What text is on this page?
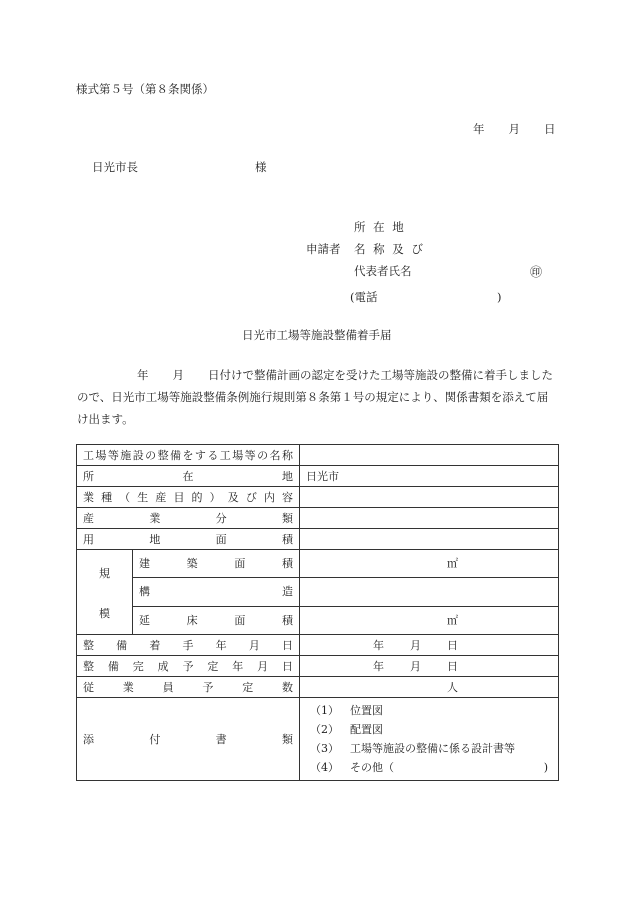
様式第５号（第８条関係）
年 月 日
日光市長	様
所 在 地
申請者 名 称 及 び
代表者氏名	㊞
(電話	)
日光市工場等施設整備着手届
年 月 日付けで整備計画の認定を受けた工場等施設の整備に着手しましたので、日光市工場等施設整備条例施行規則第８条第１号の規定により、関係書類を添えて届け出ます。
工場等施設の整備をする工場等の名称		
所在地		日光市
業種（生産目的）及び内容		
産業分類		
用地面積		
規
模	建築面積	㎡
	構造	
	延床面積	㎡
整備着手年月日		年 月 日
整備完成予定年月日		年 月 日
従業員予定数		人
添付書類		（1） 位置図
（2） 配置図
（3） 工場等施設の整備に係る設計書等
（4） その他（ )
